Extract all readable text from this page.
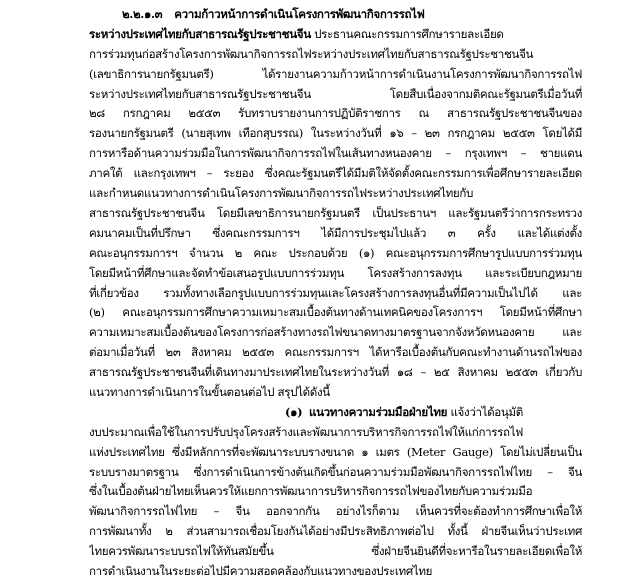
๒.๒.๑.๓ ความก้าวหน้าการดำเนินโครงการพัฒนากิจการรถไฟ
ระหว่างประเทศไทยกับสาธารณรัฐประชาชนจีน ประธานคณะกรรมการศึกษารายละเอียด
การร่วมทุนก่อสร้างโครงการพัฒนากิจการรถไฟระหว่างประเทศไทยกับสาธารณรัฐประชาชนจีน
(เลขาธิการนายกรัฐมนตรี) ได้รายงานความก้าวหน้าการดำเนินงานโครงการพัฒนากิจการรถไฟ
ระหว่างประเทศไทยกับสาธารณรัฐประชาชนจีน โดยสืบเนื่องจากมติคณะรัฐมนตรีเมื่อวันที่
๒๘ กรกฎาคม ๒๕๕๓ รับทราบรายงานการปฏิบัติราชการ ณ สาธารณรัฐประชาชนจีนของ
รองนายกรัฐมนตรี (นายสุเทพ เทือกสุบรรณ) ในระหว่างวันที่ ๑๖ – ๒๓ กรกฎาคม ๒๕๕๓ โดยได้มี
การหารือด้านความร่วมมือในการพัฒนากิจการรถไฟในเส้นทางหนองคาย – กรุงเทพฯ – ชายแดน
ภาคใต้ และกรุงเทพฯ – ระยอง ซึ่งคณะรัฐมนตรีได้มีมติให้จัดตั้งคณะกรรมการเพื่อศึกษารายละเอียด
และกำหนดแนวทางการดำเนินโครงการพัฒนากิจการรถไฟระหว่างประเทศไทยกับ
สาธารณรัฐประชาชนจีน โดยมีเลขาธิการนายกรัฐมนตรี เป็นประธานฯ และรัฐมนตรีว่าการกระทรวง
คมนาคมเป็นที่ปรึกษา ซึ่งคณะกรรมการฯ ได้มีการประชุมไปแล้ว ๓ ครั้ง และได้แต่งตั้ง
คณะอนุกรรมการฯ จำนวน ๒ คณะ ประกอบด้วย (๑) คณะอนุกรรมการศึกษารูปแบบการร่วมทุน
โดยมีหน้าที่ศึกษาและจัดทำข้อเสนอรูปแบบการร่วมทุน โครงสร้างการลงทุน และระเบียบกฎหมาย
ที่เกี่ยวข้อง รวมทั้งทางเลือกรูปแบบการร่วมทุนและโครงสร้างการลงทุนอื่นที่มีความเป็นไปได้ และ
(๒) คณะอนุกรรมการศึกษาความเหมาะสมเบื้องต้นทางด้านเทคนิคของโครงการฯ โดยมีหน้าที่ศึกษา
ความเหมาะสมเบื้องต้นของโครงการก่อสร้างทางรถไฟขนาดทางมาตรฐานจากจังหวัดหนองคาย และ
ต่อมาเมื่อวันที่ ๒๓ สิงหาคม ๒๕๕๓ คณะกรรมการฯ ได้หารือเบื้องต้นกับคณะทำงานด้านรถไฟของ
สาธารณรัฐประชาชนจีนที่เดินทางมาประเทศไทยในระหว่างวันที่ ๑๘ – ๒๕ สิงหาคม ๒๕๕๓ เกี่ยวกับ
แนวทางการดำเนินการในขั้นตอนต่อไป สรุปได้ดังนี้
(๑) แนวทางความร่วมมือฝ่ายไทย แจ้งว่าได้อนุมัติ
งบประมาณเพื่อใช้ในการปรับปรุงโครงสร้างและพัฒนาการบริหารกิจการรถไฟให้แก่การรถไฟ
แห่งประเทศไทย ซึ่งมีหลักการที่จะพัฒนาระบบรางขนาด ๑ เมตร (Meter Gauge) โดยไม่เปลี่ยนเป็น
ระบบรางมาตรฐาน ซึ่งการดำเนินการข้างต้นเกิดขึ้นก่อนความร่วมมือพัฒนากิจการรถไฟไทย – จีน
ซึ่งในเบื้องต้นฝ่ายไทยเห็นควรให้แยกการพัฒนาการบริหารกิจการรถไฟของไทยกับความร่วมมือ
พัฒนากิจการรถไฟไทย – จีน ออกจากกัน อย่างไรก็ตาม เห็นควรที่จะต้องทำการศึกษาเพื่อให้
การพัฒนาทั้ง ๒ ส่วนสามารถเชื่อมโยงกันได้อย่างมีประสิทธิภาพต่อไป ทั้งนี้ ฝ่ายจีนเห็นว่าประเทศ
ไทยควรพัฒนาระบบรถไฟให้ทันสมัยขึ้น ซึ่งฝ่ายจีนยินดีที่จะหารือในรายละเอียดเพื่อให้
การดำเนินงานในระยะต่อไปมีความสอดคล้องกับแนวทางของประเทศไทย
